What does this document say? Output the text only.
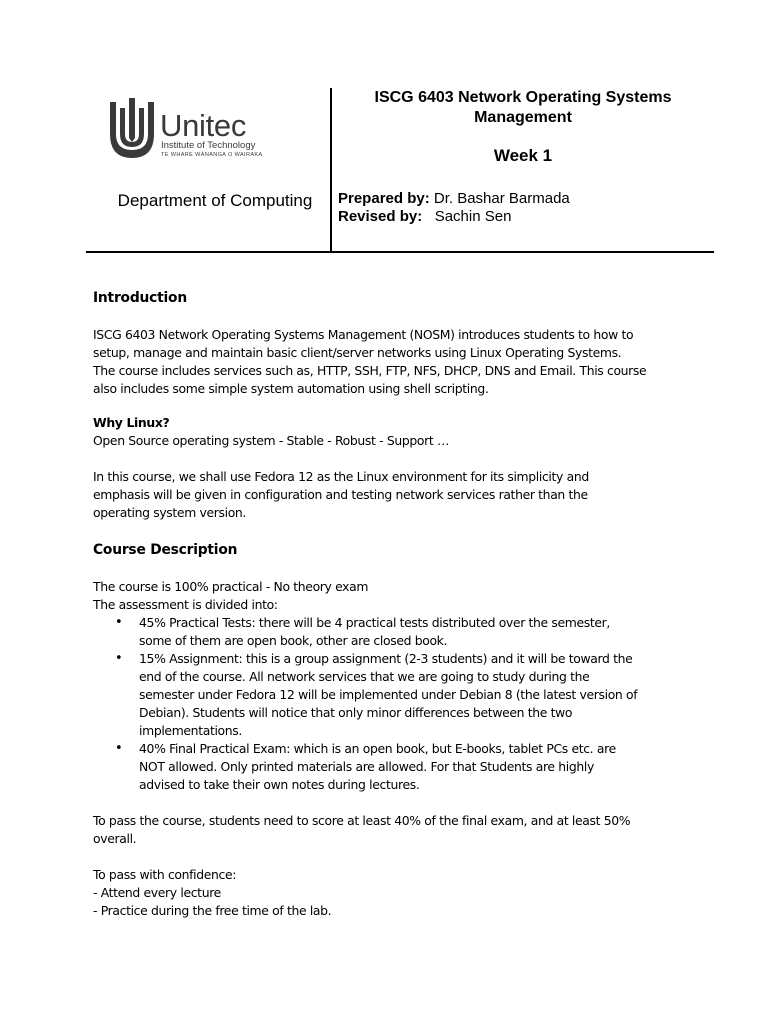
Unitec
Institute of Technology
TE WHARE WĀNANGA O WAIRAKA
Department of Computing
ISCG 6403 Network Operating Systems
Management
Week 1
Prepared by: Dr. Bashar Barmada
Revised by:   Sachin Sen
Introduction
ISCG 6403 Network Operating Systems Management (NOSM) introduces students to how to
setup, manage and maintain basic client/server networks using Linux Operating Systems.
The course includes services such as, HTTP, SSH, FTP, NFS, DHCP, DNS and Email. This course
also includes some simple system automation using shell scripting.
Why Linux?
Open Source operating system - Stable - Robust - Support …
In this course, we shall use Fedora 12 as the Linux environment for its simplicity and
emphasis will be given in configuration and testing network services rather than the
operating system version.
Course Description
The course is 100% practical - No theory exam
The assessment is divided into:
• 45% Practical Tests: there will be 4 practical tests distributed over the semester,
some of them are open book, other are closed book.
• 15% Assignment: this is a group assignment (2-3 students) and it will be toward the
end of the course. All network services that we are going to study during the
semester under Fedora 12 will be implemented under Debian 8 (the latest version of
Debian). Students will notice that only minor differences between the two
implementations.
• 40% Final Practical Exam: which is an open book, but E-books, tablet PCs etc. are
NOT allowed. Only printed materials are allowed. For that Students are highly
advised to take their own notes during lectures.
To pass the course, students need to score at least 40% of the final exam, and at least 50%
overall.
To pass with confidence:
- Attend every lecture
- Practice during the free time of the lab.
